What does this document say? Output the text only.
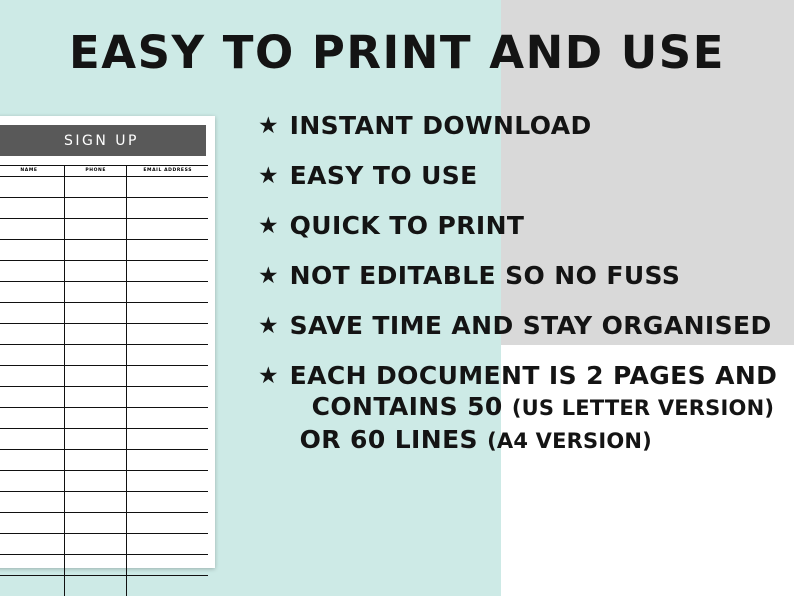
EASY TO PRINT AND USE
★ INSTANT DOWNLOAD
★ EASY TO USE
★ QUICK TO PRINT
★ NOT EDITABLE SO NO FUSS
★ SAVE TIME AND STAY ORGANISED
★ EACH DOCUMENT IS 2 PAGES AND
CONTAINS 50 (US LETTER VERSION)
OR 60 LINES (A4 VERSION)
SIGN UP
NAME	PHONE	EMAIL ADDRESS
